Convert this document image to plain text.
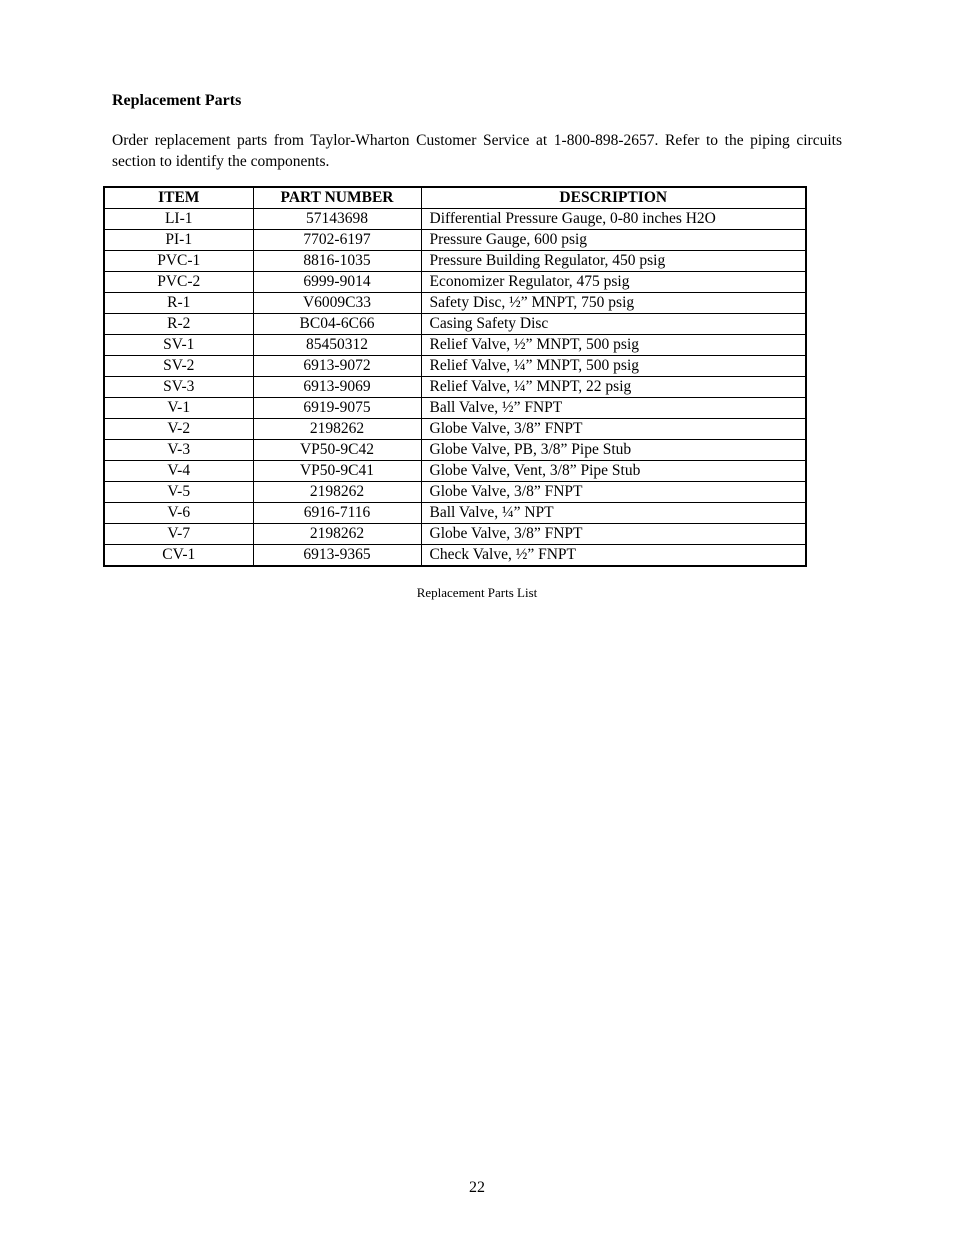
Replacement Parts

Order replacement parts from Taylor-Wharton Customer Service at 1-800-898-2657. Refer to the piping circuits section to identify the components.

ITEM	PART NUMBER	DESCRIPTION
LI-1	57143698	Differential Pressure Gauge, 0-80 inches H2O
PI-1	7702-6197	Pressure Gauge, 600 psig
PVC-1	8816-1035	Pressure Building Regulator, 450 psig
PVC-2	6999-9014	Economizer Regulator, 475 psig
R-1	V6009C33	Safety Disc, ½” MNPT, 750 psig
R-2	BC04-6C66	Casing Safety Disc
SV-1	85450312	Relief Valve, ½” MNPT, 500 psig
SV-2	6913-9072	Relief Valve, ¼” MNPT, 500 psig
SV-3	6913-9069	Relief Valve, ¼” MNPT, 22 psig
V-1	6919-9075	Ball Valve, ½” FNPT
V-2	2198262	Globe Valve, 3/8” FNPT
V-3	VP50-9C42	Globe Valve, PB, 3/8” Pipe Stub
V-4	VP50-9C41	Globe Valve, Vent, 3/8” Pipe Stub
V-5	2198262	Globe Valve, 3/8” FNPT
V-6	6916-7116	Ball Valve, ¼” NPT
V-7	2198262	Globe Valve, 3/8” FNPT
CV-1	6913-9365	Check Valve, ½” FNPT
Replacement Parts List
22
